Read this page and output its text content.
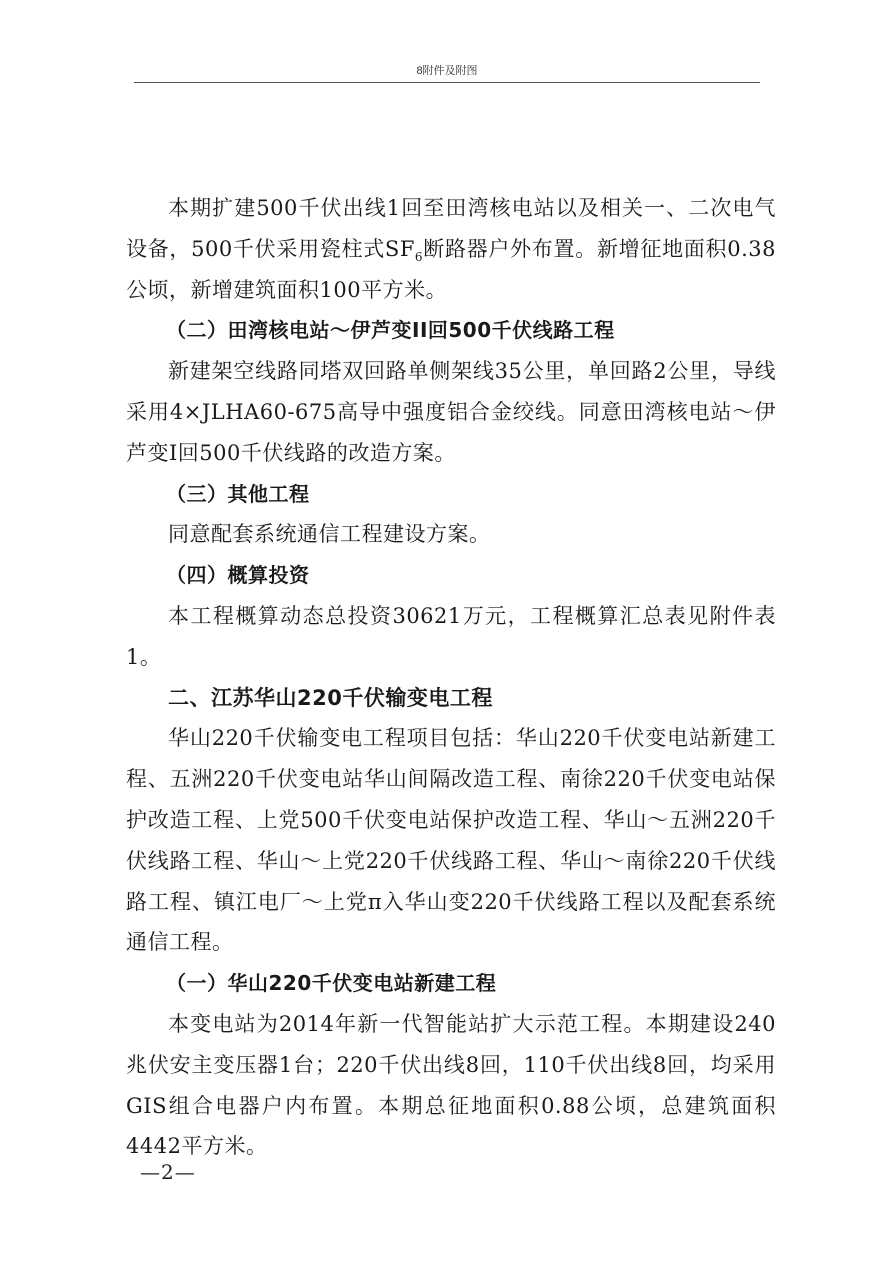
8附件及附图

本期扩建500千伏出线1回至田湾核电站以及相关一、二次电气设备，500千伏采用瓷柱式$SF_6$断路器户外布置。新增征地面积0.38公顷，新增建筑面积100平方米。

（二）田湾核电站～伊芦变II回500千伏线路工程

新建架空线路同塔双回路单侧架线35公里，单回路2公里，导线采用4×JLHA60-675高导中强度铝合金绞线。同意田湾核电站～伊芦变Ⅰ回500千伏线路的改造方案。

（三）其他工程

同意配套系统通信工程建设方案。

（四）概算投资

本工程概算动态总投资30621万元，工程概算汇总表见附件表1。

二、江苏华山220千伏输变电工程

华山220千伏输变电工程项目包括：华山220千伏变电站新建工程、五洲220千伏变电站华山间隔改造工程、南徐220千伏变电站保护改造工程、上党500千伏变电站保护改造工程、华山～五洲220千伏线路工程、华山～上党220千伏线路工程、华山～南徐220千伏线路工程、镇江电厂～上党π入华山变220千伏线路工程以及配套系统通信工程。

（一）华山220千伏变电站新建工程

本变电站为2014年新一代智能站扩大示范工程。本期建设240兆伏安主变压器1台；220千伏出线8回，110千伏出线8回，均采用GIS组合电器户内布置。本期总征地面积0.88公顷，总建筑面积4442平方米。

—2—
